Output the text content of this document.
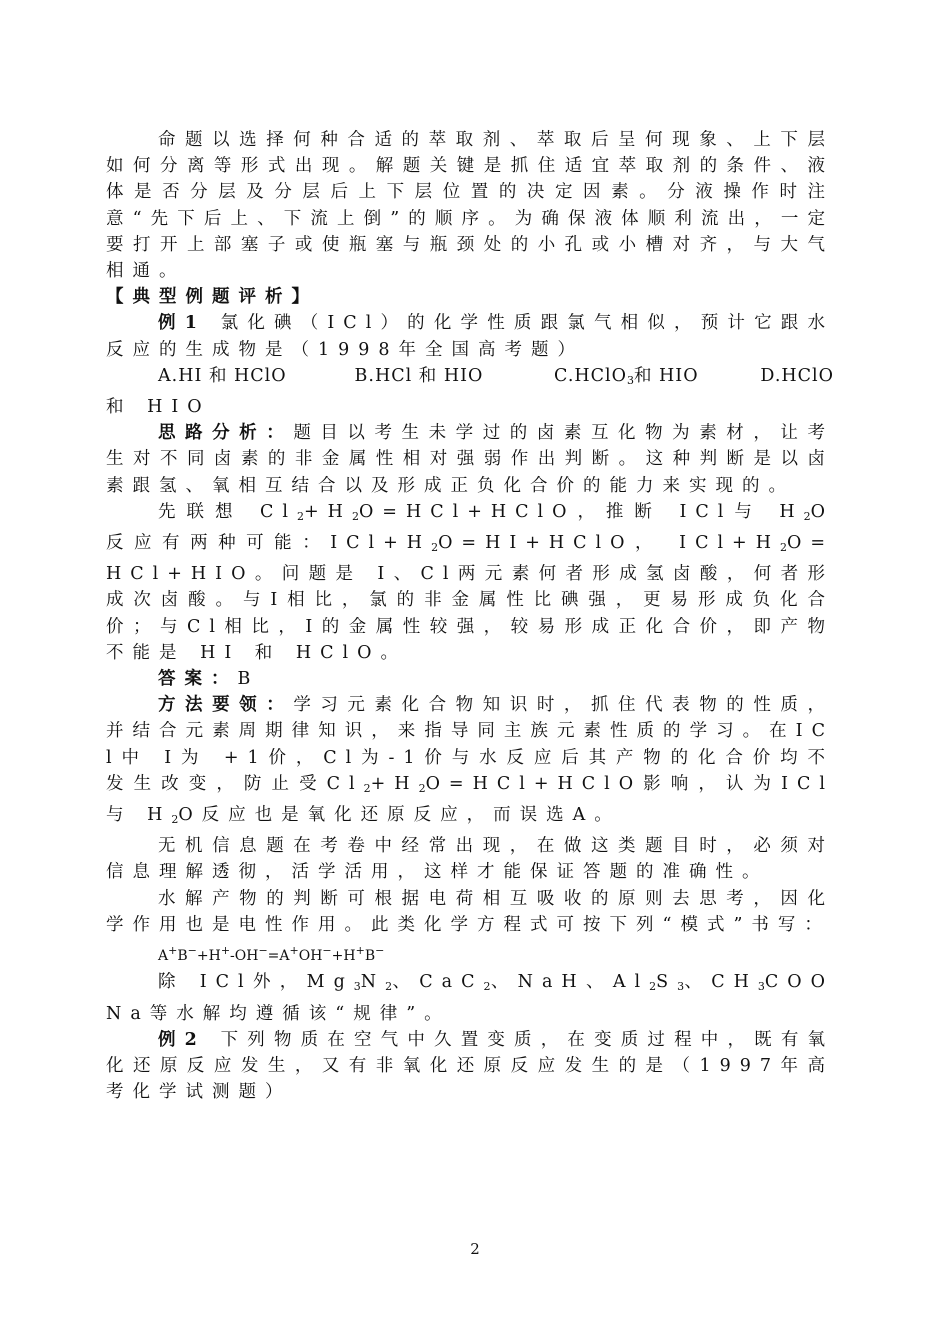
命题以选择何种合适的萃取剂、萃取后呈何现象、上下层如何分离等形式出现。解题关键是抓住适宜萃取剂的条件、液体是否分层及分层后上下层位置的决定因素。分液操作时注意“先下后上、下流上倒”的顺序。为确保液体顺利流出，一定要打开上部塞子或使瓶塞与瓶颈处的小孔或小槽对齐，与大气相通。

【典型例题评析】

例1 氯化碘（ICl）的化学性质跟氯气相似，预计它跟水反应的生成物是（1998年全国高考题）

A.HI 和 HClO	B.HCl 和 HIO	C.HClO$_3$和 HIO	D.HClO

和 HIO

思路分析：题目以考生未学过的卤素互化物为素材，让考生对不同卤素的非金属性相对强弱作出判断。这种判断是以卤素跟氢、氧相互结合以及形成正负化合价的能力来实现的。

先联想 $Cl_2+H_2O=HCl+HClO$，推断 ICl与 $H_2O$反应有两种可能：$ICl+H_2O=HI+HClO$， $ICl+H_2O=HCl+HIO$。问题是 I、Cl两元素何者形成氢卤酸，何者形成次卤酸。与I相比，氯的非金属性比碘强，更易形成负化合价；与Cl相比，I的金属性较强，较易形成正化合价，即产物不能是 HI 和 HClO。

答案：B

方法要领：学习元素化合物知识时，抓住代表物的性质，并结合元素周期律知识，来指导同主族元素性质的学习。在ICl中 I为 +1价，Cl为-1价与水反应后其产物的化合价均不发生改变，防止受$Cl_2+H_2O=HCl+HClO$影响，认为ICl与 $H_2O$反应也是氧化还原反应，而误选A。

无机信息题在考卷中经常出现，在做这类题目时，必须对信息理解透彻，活学活用，这样才能保证答题的准确性。

水解产物的判断可根据电荷相互吸收的原则去思考，因化学作用也是电性作用。此类化学方程式可按下列“模式”书写：

A+B−+H+-OH−=A+OH−+H+B−

除 ICl外，$Mg_3N_2$、CaC$_2$、NaH、$Al_2S_3$、$CH_3COONa$等水解均遵循该“规律”。

例2 下列物质在空气中久置变质，在变质过程中，既有氧化还原反应发生，又有非氧化还原反应发生的是（1997年高考化学试测题）

2
